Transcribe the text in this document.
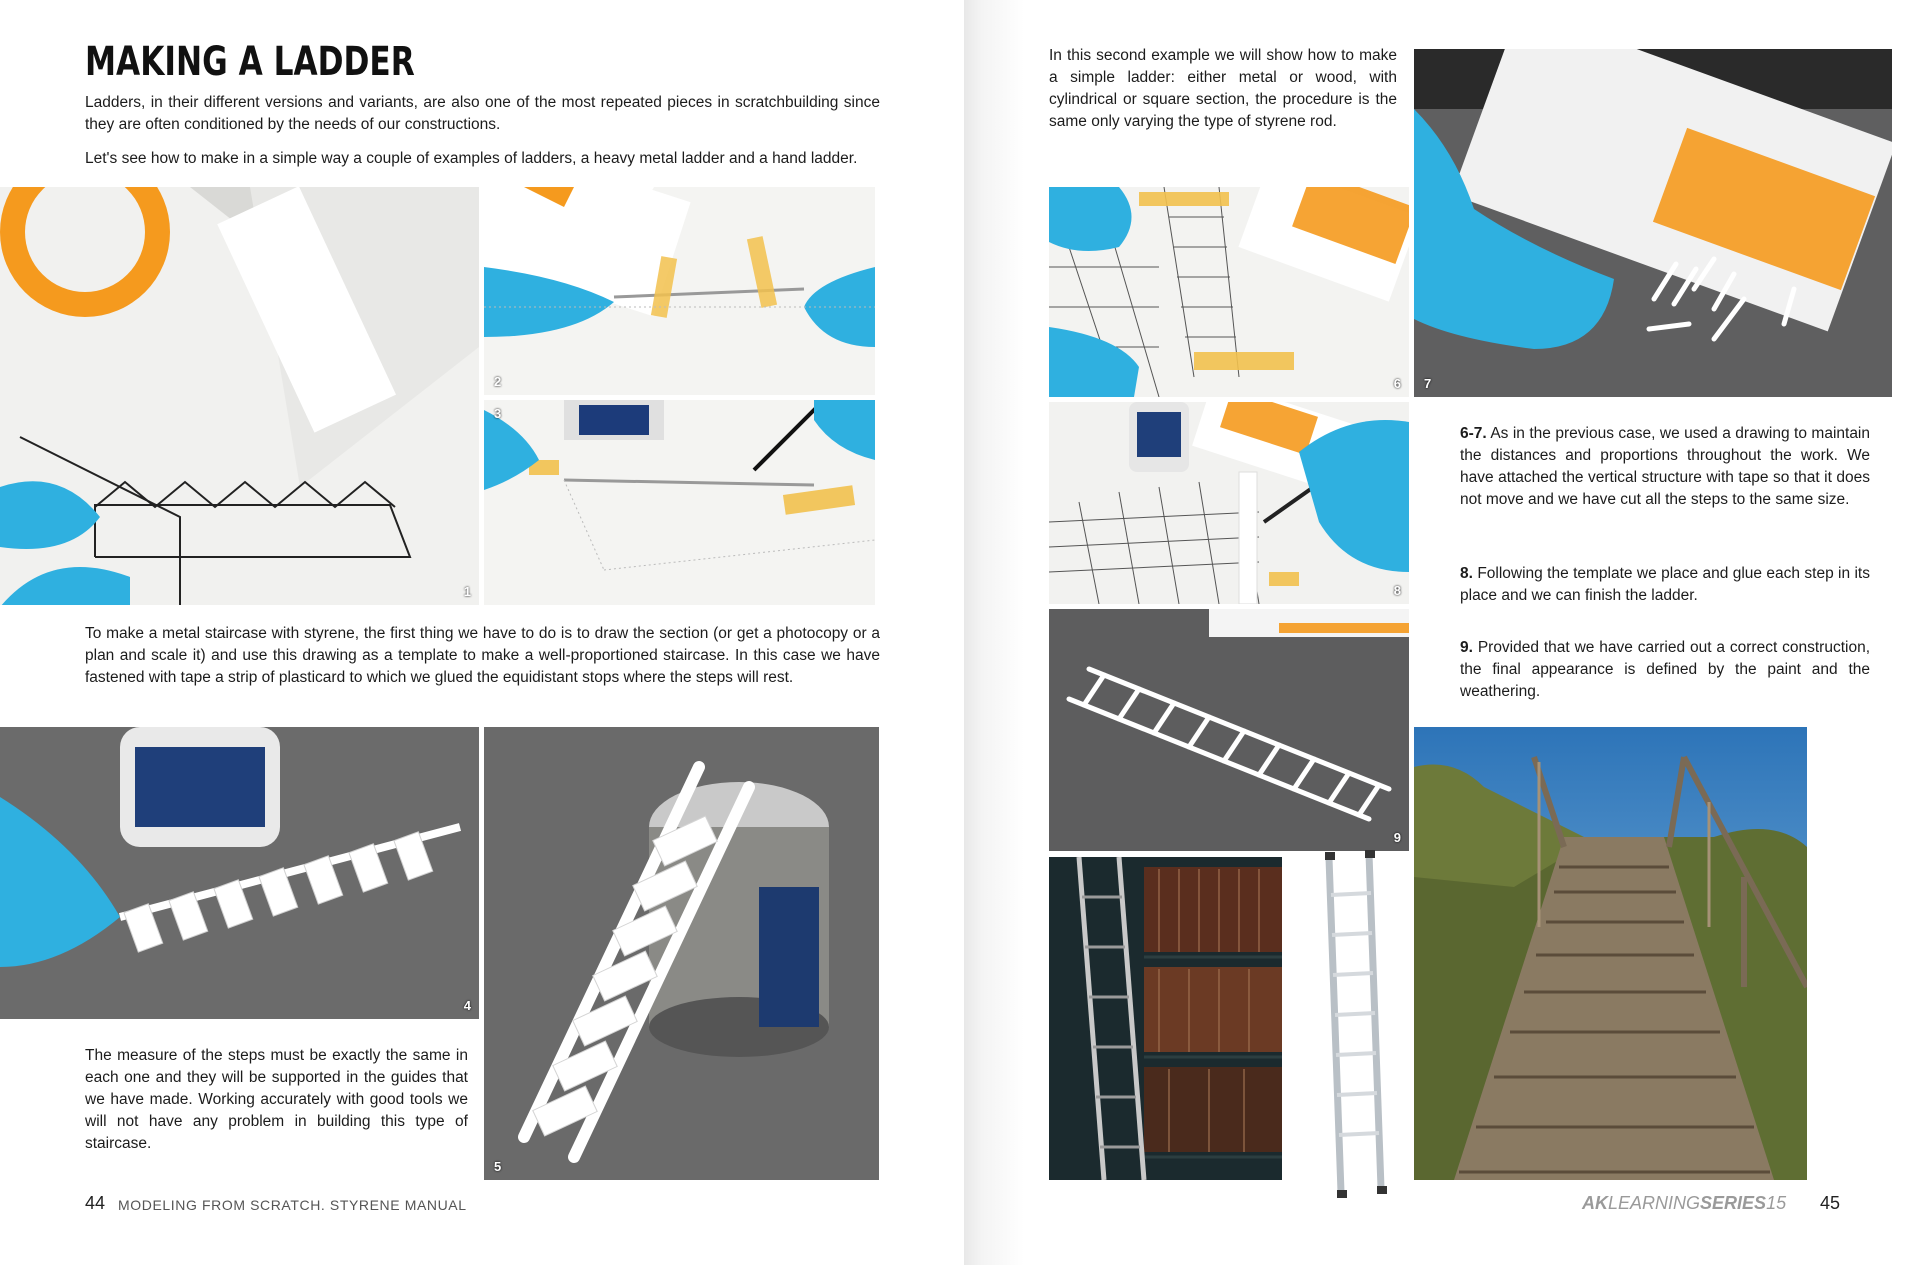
MAKING A LADDER

Ladders, in their different versions and variants, are also one of the most repeated pieces in scratchbuilding since they are often conditioned by the needs of our constructions.

Let's see how to make in a simple way a couple of examples of ladders, a heavy metal ladder and a hand ladder.

1
2
3

To make a metal staircase with styrene, the first thing we have to do is to draw the section (or get a photocopy or a plan and scale it) and use this drawing as a template to make a well-proportioned staircase. In this case we have fastened with tape a strip of plasticard to which we glued the equidistant stops where the steps will rest.

4
5

The measure of the steps must be exactly the same in each one and they will be supported in the guides that we have made. Working accurately with good tools we will not have any problem in building this type of staircase.

44 MODELING FROM SCRATCH. STYRENE MANUAL

In this second example we will show how to make a simple ladder: either metal or wood, with cylindrical or square section, the procedure is the same only varying the type of styrene rod.

6 7
8

6-7. As in the previous case, we used a drawing to maintain the distances and proportions throughout the work. We have attached the vertical structure with tape so that it does not move and we have cut all the steps to the same size.

8. Following the template we place and glue each step in its place and we can finish the ladder.

9. Provided that we have carried out a correct construction, the final appearance is defined by the paint and the weathering.

9
AKLEARNINGSERIES15 45
